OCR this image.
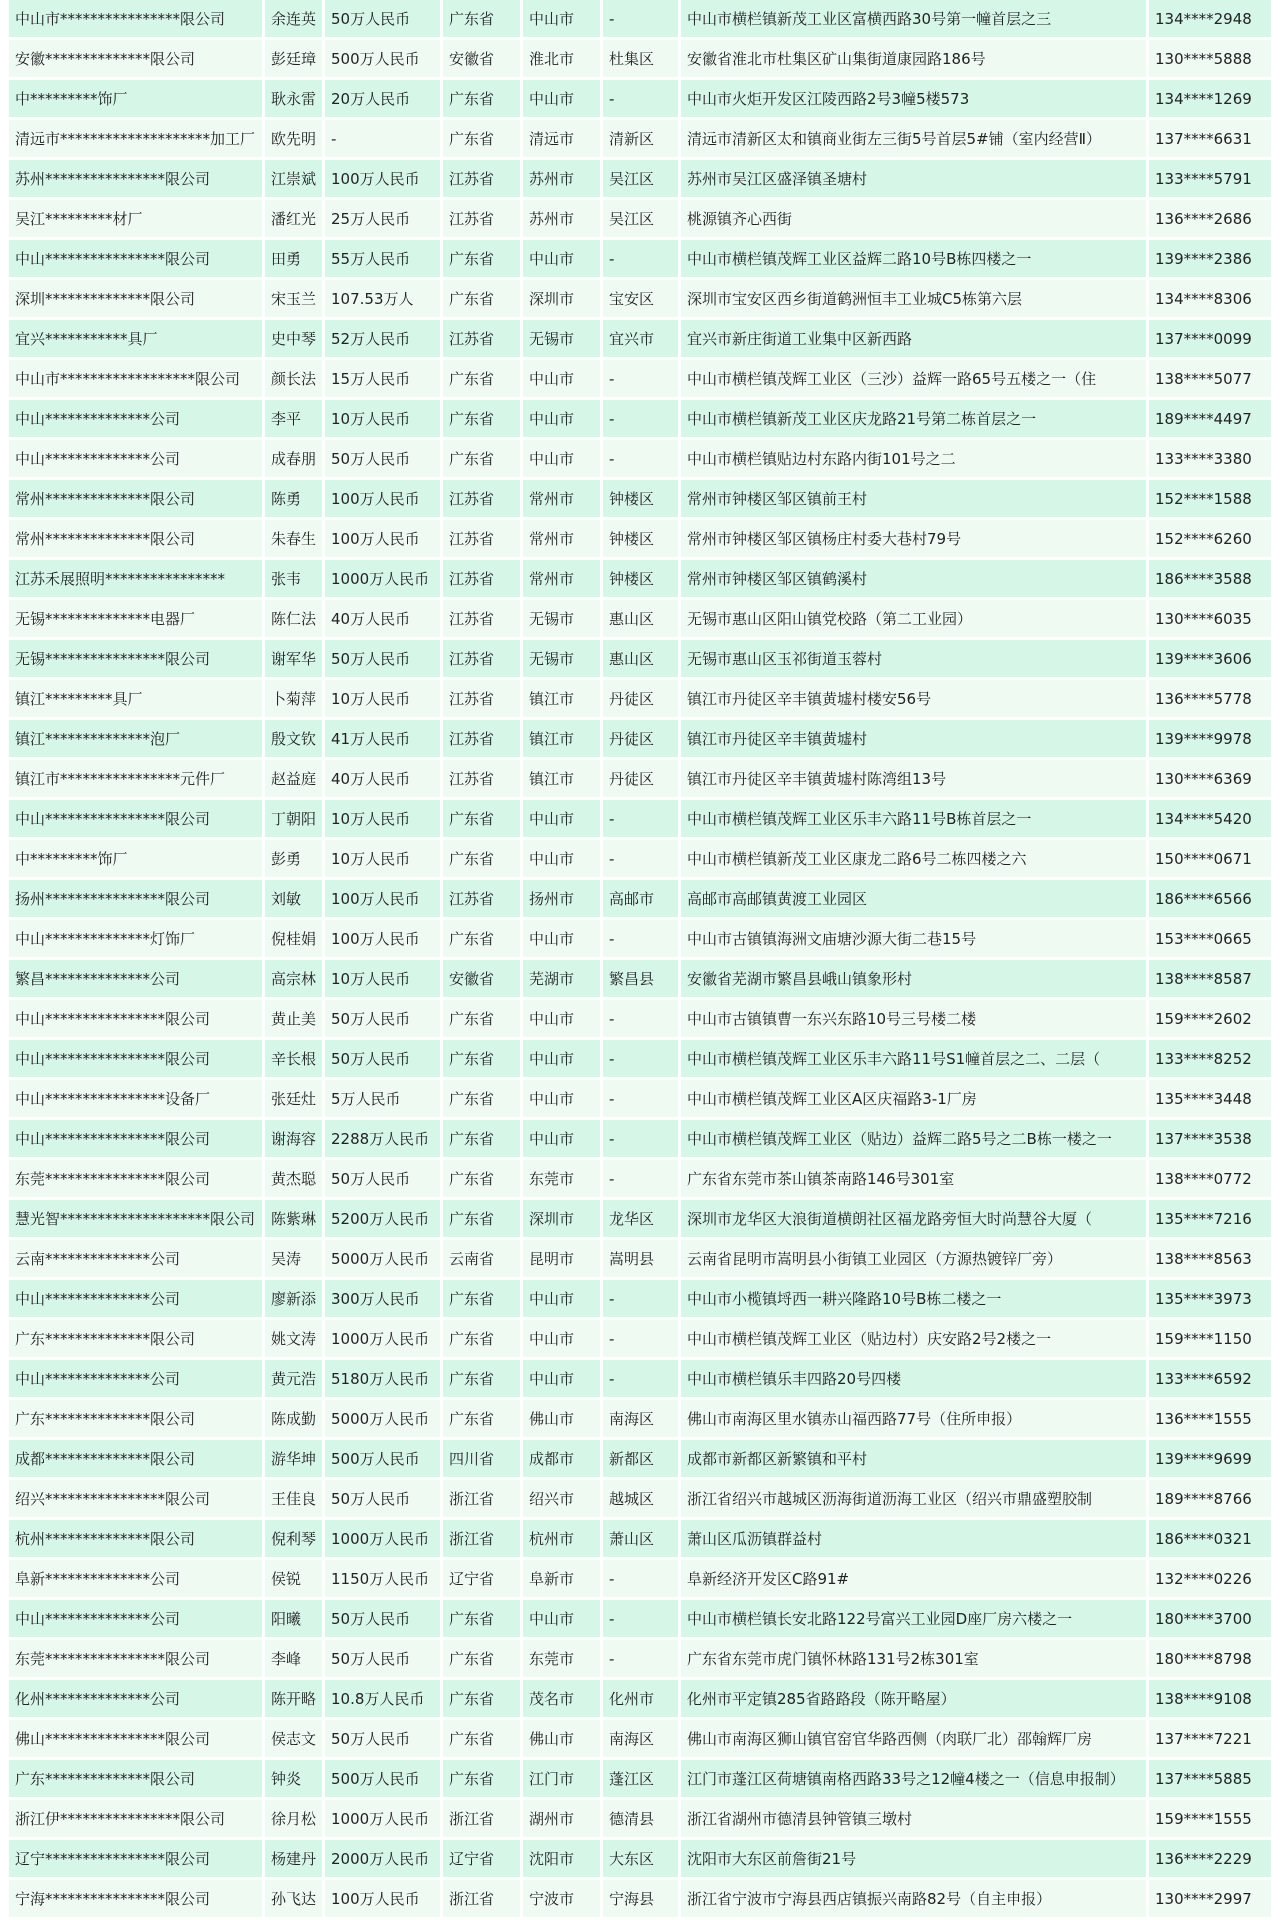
中山市****************限公司	余连英	50万人民币	广东省	中山市	-	中山市横栏镇新茂工业区富横西路30号第一幢首层之三	134****2948
安徽**************限公司	彭廷璋	500万人民币	安徽省	淮北市	杜集区	安徽省淮北市杜集区矿山集街道康园路186号	130****5888
中*********饰厂	耿永雷	20万人民币	广东省	中山市	-	中山市火炬开发区江陵西路2号3幢5楼573	134****1269
清远市********************加工厂	欧先明	-	广东省	清远市	清新区	清远市清新区太和镇商业街左三街5号首层5#铺（室内经营Ⅱ）	137****6631
苏州****************限公司	江崇斌	100万人民币	江苏省	苏州市	吴江区	苏州市吴江区盛泽镇圣塘村	133****5791
吴江*********材厂	潘红光	25万人民币	江苏省	苏州市	吴江区	桃源镇齐心西街	136****2686
中山****************限公司	田勇	55万人民币	广东省	中山市	-	中山市横栏镇茂辉工业区益辉二路10号B栋四楼之一	139****2386
深圳**************限公司	宋玉兰	107.53万人	广东省	深圳市	宝安区	深圳市宝安区西乡街道鹤洲恒丰工业城C5栋第六层	134****8306
宜兴***********具厂	史中琴	52万人民币	江苏省	无锡市	宜兴市	宜兴市新庄街道工业集中区新西路	137****0099
中山市******************限公司	颜长法	15万人民币	广东省	中山市	-	中山市横栏镇茂辉工业区（三沙）益辉一路65号五楼之一（住	138****5077
中山**************公司	李平	10万人民币	广东省	中山市	-	中山市横栏镇新茂工业区庆龙路21号第二栋首层之一	189****4497
中山**************公司	成春朋	50万人民币	广东省	中山市	-	中山市横栏镇贴边村东路内街101号之二	133****3380
常州**************限公司	陈勇	100万人民币	江苏省	常州市	钟楼区	常州市钟楼区邹区镇前王村	152****1588
常州**************限公司	朱春生	100万人民币	江苏省	常州市	钟楼区	常州市钟楼区邹区镇杨庄村委大巷村79号	152****6260
江苏禾展照明****************	张韦	1000万人民币	江苏省	常州市	钟楼区	常州市钟楼区邹区镇鹤溪村	186****3588
无锡**************电器厂	陈仁法	40万人民币	江苏省	无锡市	惠山区	无锡市惠山区阳山镇党校路（第二工业园）	130****6035
无锡****************限公司	谢军华	50万人民币	江苏省	无锡市	惠山区	无锡市惠山区玉祁街道玉蓉村	139****3606
镇江*********具厂	卜菊萍	10万人民币	江苏省	镇江市	丹徒区	镇江市丹徒区辛丰镇黄墟村楼安56号	136****5778
镇江**************泡厂	殷文钦	41万人民币	江苏省	镇江市	丹徒区	镇江市丹徒区辛丰镇黄墟村	139****9978
镇江市****************元件厂	赵益庭	40万人民币	江苏省	镇江市	丹徒区	镇江市丹徒区辛丰镇黄墟村陈湾组13号	130****6369
中山****************限公司	丁朝阳	10万人民币	广东省	中山市	-	中山市横栏镇茂辉工业区乐丰六路11号B栋首层之一	134****5420
中*********饰厂	彭勇	10万人民币	广东省	中山市	-	中山市横栏镇新茂工业区康龙二路6号二栋四楼之六	150****0671
扬州****************限公司	刘敏	100万人民币	江苏省	扬州市	高邮市	高邮市高邮镇黄渡工业园区	186****6566
中山**************灯饰厂	倪桂娟	100万人民币	广东省	中山市	-	中山市古镇镇海洲文庙塘沙源大街二巷15号	153****0665
繁昌**************公司	高宗林	10万人民币	安徽省	芜湖市	繁昌县	安徽省芜湖市繁昌县峨山镇象形村	138****8587
中山****************限公司	黄止美	50万人民币	广东省	中山市	-	中山市古镇镇曹一东兴东路10号三号楼二楼	159****2602
中山****************限公司	辛长根	50万人民币	广东省	中山市	-	中山市横栏镇茂辉工业区乐丰六路11号S1幢首层之二、二层（	133****8252
中山****************设备厂	张廷灶	5万人民币	广东省	中山市	-	中山市横栏镇茂辉工业区A区庆福路3-1厂房	135****3448
中山****************限公司	谢海容	2288万人民币	广东省	中山市	-	中山市横栏镇茂辉工业区（贴边）益辉二路5号之二B栋一楼之一	137****3538
东莞****************限公司	黄杰聪	50万人民币	广东省	东莞市	-	广东省东莞市茶山镇茶南路146号301室	138****0772
慧光智********************限公司	陈紫琳	5200万人民币	广东省	深圳市	龙华区	深圳市龙华区大浪街道横朗社区福龙路旁恒大时尚慧谷大厦（	135****7216
云南**************公司	吴涛	5000万人民币	云南省	昆明市	嵩明县	云南省昆明市嵩明县小街镇工业园区（方源热镀锌厂旁）	138****8563
中山**************公司	廖新添	300万人民币	广东省	中山市	-	中山市小榄镇埒西一耕兴隆路10号B栋二楼之一	135****3973
广东**************限公司	姚文涛	1000万人民币	广东省	中山市	-	中山市横栏镇茂辉工业区（贴边村）庆安路2号2楼之一	159****1150
中山**************公司	黄元浩	5180万人民币	广东省	中山市	-	中山市横栏镇乐丰四路20号四楼	133****6592
广东**************限公司	陈成勤	5000万人民币	广东省	佛山市	南海区	佛山市南海区里水镇赤山福西路77号（住所申报）	136****1555
成都**************限公司	游华坤	500万人民币	四川省	成都市	新都区	成都市新都区新繁镇和平村	139****9699
绍兴****************限公司	王佳良	50万人民币	浙江省	绍兴市	越城区	浙江省绍兴市越城区沥海街道沥海工业区（绍兴市鼎盛塑胶制	189****8766
杭州**************限公司	倪利琴	1000万人民币	浙江省	杭州市	萧山区	萧山区瓜沥镇群益村	186****0321
阜新**************公司	侯锐	1150万人民币	辽宁省	阜新市	-	阜新经济开发区C路91#	132****0226
中山**************公司	阳曦	50万人民币	广东省	中山市	-	中山市横栏镇长安北路122号富兴工业园D座厂房六楼之一	180****3700
东莞****************限公司	李峰	50万人民币	广东省	东莞市	-	广东省东莞市虎门镇怀林路131号2栋301室	180****8798
化州**************公司	陈开略	10.8万人民币	广东省	茂名市	化州市	化州市平定镇285省路路段（陈开略屋）	138****9108
佛山****************限公司	侯志文	50万人民币	广东省	佛山市	南海区	佛山市南海区狮山镇官窑官华路西侧（肉联厂北）邵翰辉厂房	137****7221
广东**************限公司	钟炎	500万人民币	广东省	江门市	蓬江区	江门市蓬江区荷塘镇南格西路33号之12幢4楼之一（信息申报制）	137****5885
浙江伊****************限公司	徐月松	1000万人民币	浙江省	湖州市	德清县	浙江省湖州市德清县钟管镇三墩村	159****1555
辽宁****************限公司	杨建丹	2000万人民币	辽宁省	沈阳市	大东区	沈阳市大东区前詹街21号	136****2229
宁海****************限公司	孙飞达	100万人民币	浙江省	宁波市	宁海县	浙江省宁波市宁海县西店镇振兴南路82号（自主申报）	130****2997
